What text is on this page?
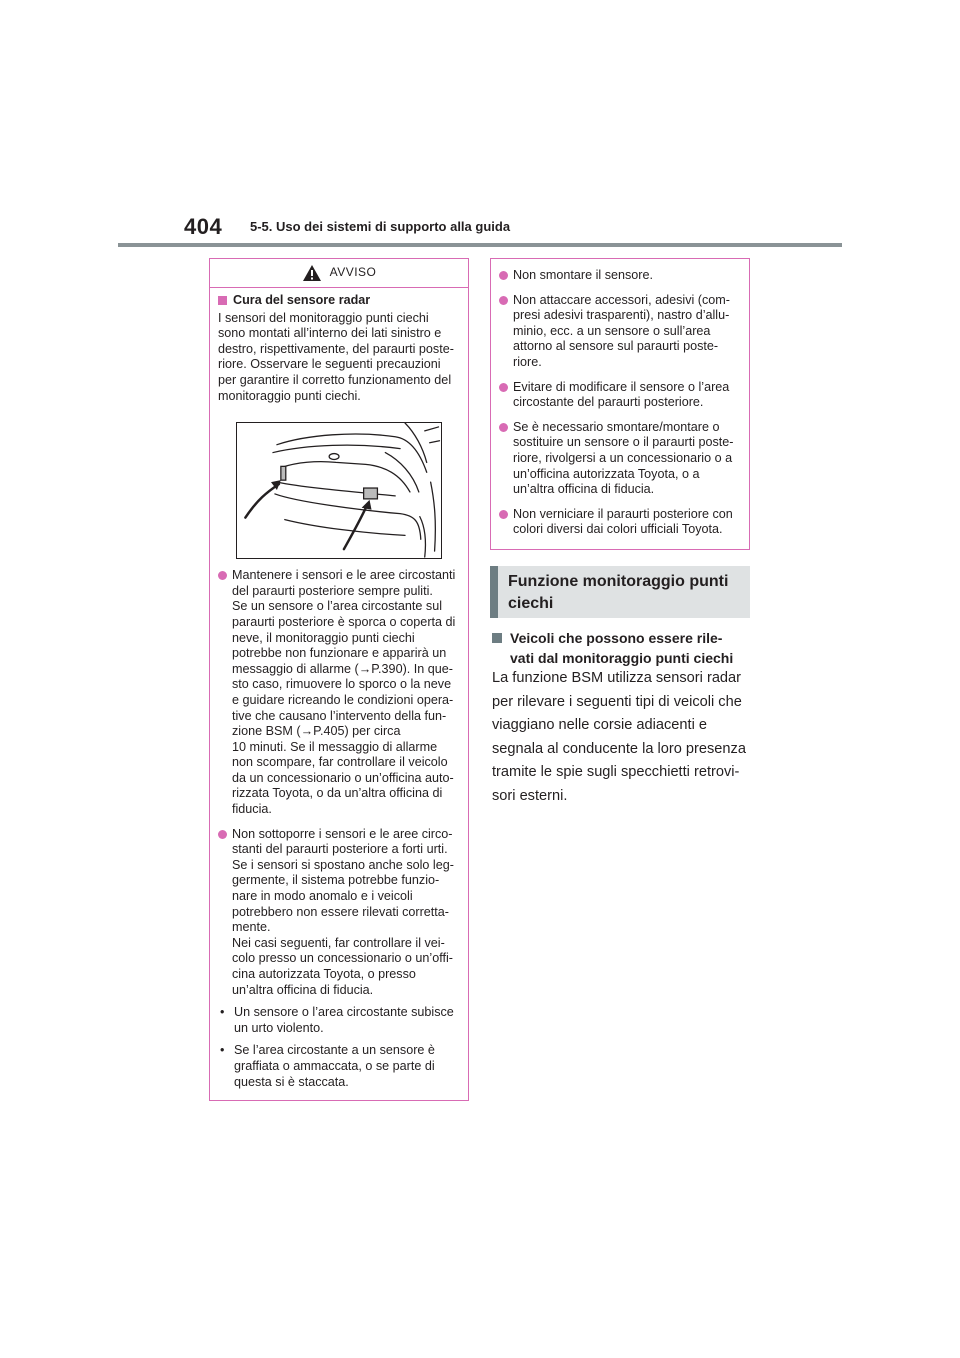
404 5-5. Uso dei sistemi di supporto alla guida
AVVISO
Cura del sensore radar

I sensori del monitoraggio punti ciechi
sono montati all’interno dei lati sinistro e
destro, rispettivamente, del paraurti poste-
riore. Osservare le seguenti precauzioni
per garantire il corretto funzionamento del
monitoraggio punti ciechi.

Mantenere i sensori e le aree circostanti
del paraurti posteriore sempre puliti.
Se un sensore o l’area circostante sul
paraurti posteriore è sporca o coperta di
neve, il monitoraggio punti ciechi
potrebbe non funzionare e apparirà un
messaggio di allarme (→P.390). In que-
sto caso, rimuovere lo sporco o la neve
e guidare ricreando le condizioni opera-
tive che causano l’intervento della fun-
zione BSM (→P.405) per circa
10 minuti. Se il messaggio di allarme
non scompare, far controllare il veicolo
da un concessionario o un’officina auto-
rizzata Toyota, o da un’altra officina di
fiducia.
Non sottoporre i sensori e le aree circo-
stanti del paraurti posteriore a forti urti.
Se i sensori si spostano anche solo leg-
germente, il sistema potrebbe funzio-
nare in modo anomalo e i veicoli
potrebbero non essere rilevati corretta-
mente.
Nei casi seguenti, far controllare il vei-
colo presso un concessionario o un’offi-
cina autorizzata Toyota, o presso
un’altra officina di fiducia.
• Un sensore o l’area circostante subisce
un urto violento.
• Se l’area circostante a un sensore è
graffiata o ammaccata, o se parte di
questa si è staccata.
Non smontare il sensore.
Non attaccare accessori, adesivi (com-
presi adesivi trasparenti), nastro d’allu-
minio, ecc. a un sensore o sull’area
attorno al sensore sul paraurti poste-
riore.
Evitare di modificare il sensore o l’area
circostante del paraurti posteriore.
Se è necessario smontare/montare o
sostituire un sensore o il paraurti poste-
riore, rivolgersi a un concessionario o a
un’officina autorizzata Toyota, o a
un’altra officina di fiducia.
Non verniciare il paraurti posteriore con
colori diversi dai colori ufficiali Toyota.
Funzione monitoraggio punti
ciechi
Veicoli che possono essere rile-
vati dal monitoraggio punti ciechi
La funzione BSM utilizza sensori radar
per rilevare i seguenti tipi di veicoli che
viaggiano nelle corsie adiacenti e
segnala al conducente la loro presenza
tramite le spie sugli specchietti retrovi-
sori esterni.
